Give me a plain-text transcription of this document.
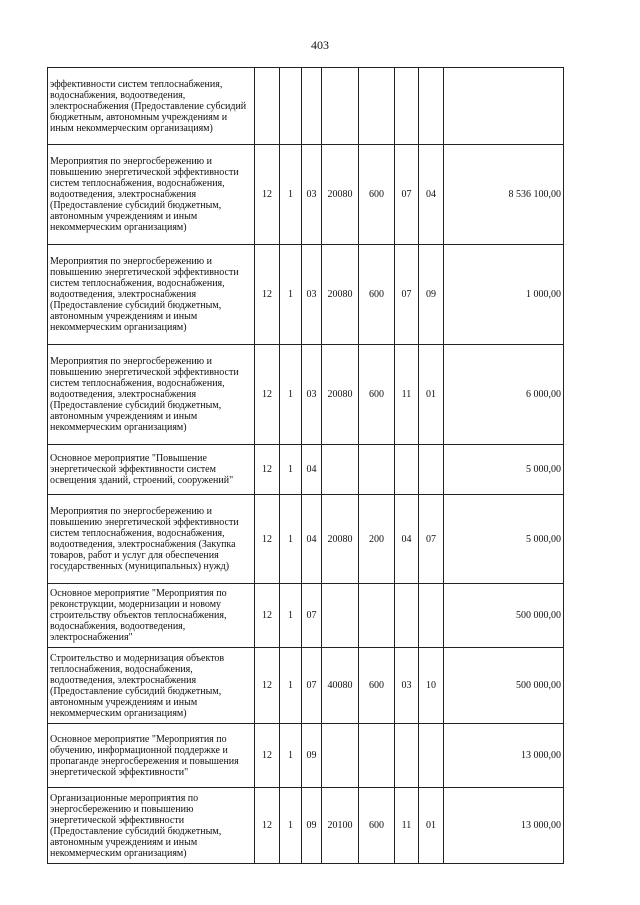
403
эффективности систем теплоснабжения, водоснабжения, водоотведения, электроснабжения (Предоставление субсидий бюджетным, автономным учреждениям и иным некоммерческим организациям)								
Мероприятия по энергосбережению и повышению энергетической эффективности систем теплоснабжения, водоснабжения, водоотведения, электроснабжения (Предоставление субсидий бюджетным, автономным учреждениям и иным некоммерческим организациям)	12	1	03	20080	600	07	04	8 536 100,00
Мероприятия по энергосбережению и повышению энергетической эффективности систем теплоснабжения, водоснабжения, водоотведения, электроснабжения (Предоставление субсидий бюджетным, автономным учреждениям и иным некоммерческим организациям)	12	1	03	20080	600	07	09	1 000,00
Мероприятия по энергосбережению и повышению энергетической эффективности систем теплоснабжения, водоснабжения, водоотведения, электроснабжения (Предоставление субсидий бюджетным, автономным учреждениям и иным некоммерческим организациям)	12	1	03	20080	600	11	01	6 000,00
Основное мероприятие "Повышение энергетической эффективности систем освещения зданий, строений, сооружений"	12	1	04					5 000,00
Мероприятия по энергосбережению и повышению энергетической эффективности систем теплоснабжения, водоснабжения, водоотведения, электроснабжения (Закупка товаров, работ и услуг для обеспечения государственных (муниципальных) нужд)	12	1	04	20080	200	04	07	5 000,00
Основное мероприятие "Мероприятия по реконструкции, модернизации и новому строительству объектов теплоснабжения, водоснабжения, водоотведения, электроснабжения"	12	1	07					500 000,00
Строительство и модернизация объектов теплоснабжения, водоснабжения, водоотведения, электроснабжения (Предоставление субсидий бюджетным, автономным учреждениям и иным некоммерческим организациям)	12	1	07	40080	600	03	10	500 000,00
Основное мероприятие "Мероприятия по обучению, информационной поддержке и пропаганде энергосбережения и повышения энергетической эффективности"	12	1	09					13 000,00
Организационные мероприятия по энергосбережению и повышению энергетической эффективности (Предоставление субсидий бюджетным, автономным учреждениям и иным некоммерческим организациям)	12	1	09	20100	600	11	01	13 000,00
